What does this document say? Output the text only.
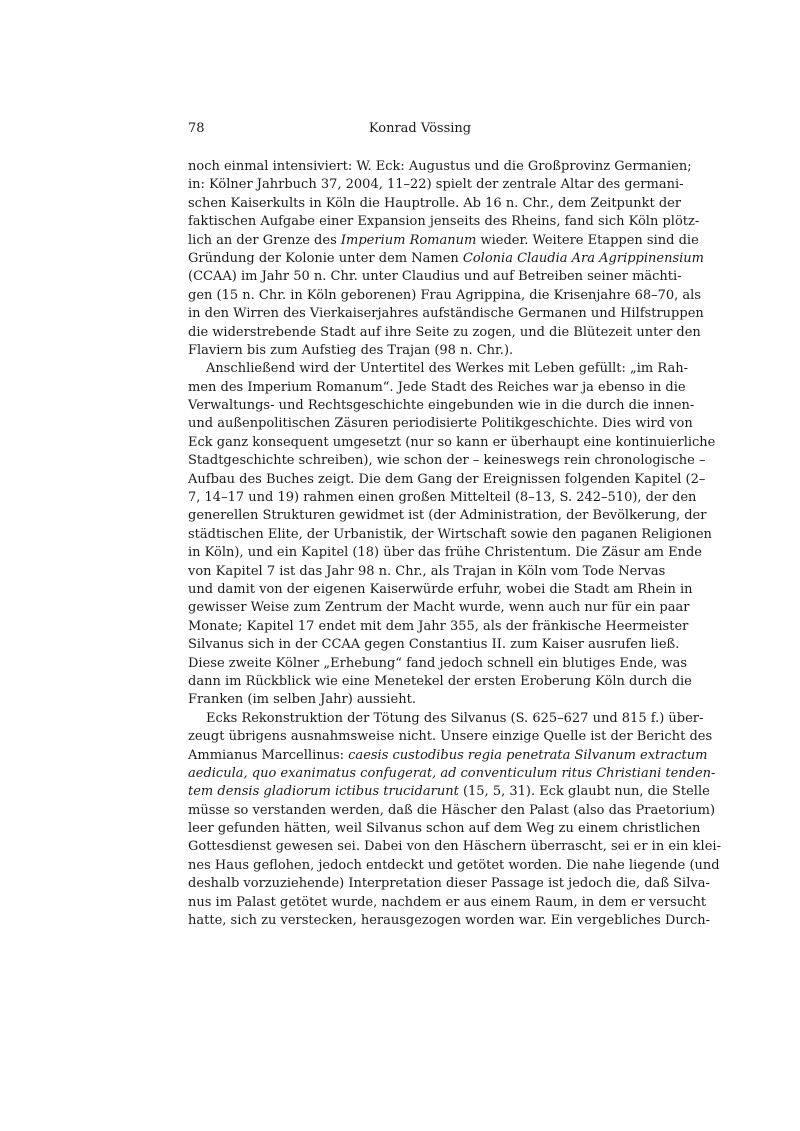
78	Konrad Vössing
noch einmal intensiviert: W. Eck: Augustus und die Großprovinz Germanien;
in: Kölner Jahrbuch 37, 2004, 11–22) spielt der zentrale Altar des germani-
schen Kaiserkults in Köln die Hauptrolle. Ab 16 n. Chr., dem Zeitpunkt der
faktischen Aufgabe einer Expansion jenseits des Rheins, fand sich Köln plötz-
lich an der Grenze des Imperium Romanum wieder. Weitere Etappen sind die
Gründung der Kolonie unter dem Namen Colonia Claudia Ara Agrippinensium
(CCAA) im Jahr 50 n. Chr. unter Claudius und auf Betreiben seiner mächti-
gen (15 n. Chr. in Köln geborenen) Frau Agrippina, die Krisenjahre 68–70, als
in den Wirren des Vierkaiserjahres aufständische Germanen und Hilfstruppen
die widerstrebende Stadt auf ihre Seite zu zogen, und die Blütezeit unter den
Flaviern bis zum Aufstieg des Trajan (98 n. Chr.).
Anschließend wird der Untertitel des Werkes mit Leben gefüllt: „im Rah-
men des Imperium Romanum“. Jede Stadt des Reiches war ja ebenso in die
Verwaltungs- und Rechtsgeschichte eingebunden wie in die durch die innen-
und außenpolitischen Zäsuren periodisierte Politikgeschichte. Dies wird von
Eck ganz konsequent umgesetzt (nur so kann er überhaupt eine kontinuierliche
Stadtgeschichte schreiben), wie schon der – keineswegs rein chronologische –
Aufbau des Buches zeigt. Die dem Gang der Ereignissen folgenden Kapitel (2–
7, 14–17 und 19) rahmen einen großen Mittelteil (8–13, S. 242–510), der den
generellen Strukturen gewidmet ist (der Administration, der Bevölkerung, der
städtischen Elite, der Urbanistik, der Wirtschaft sowie den paganen Religionen
in Köln), und ein Kapitel (18) über das frühe Christentum. Die Zäsur am Ende
von Kapitel 7 ist das Jahr 98 n. Chr., als Trajan in Köln vom Tode Nervas
und damit von der eigenen Kaiserwürde erfuhr, wobei die Stadt am Rhein in
gewisser Weise zum Zentrum der Macht wurde, wenn auch nur für ein paar
Monate; Kapitel 17 endet mit dem Jahr 355, als der fränkische Heermeister
Silvanus sich in der CCAA gegen Constantius II. zum Kaiser ausrufen ließ.
Diese zweite Kölner „Erhebung“ fand jedoch schnell ein blutiges Ende, was
dann im Rückblick wie eine Menetekel der ersten Eroberung Köln durch die
Franken (im selben Jahr) aussieht.
Ecks Rekonstruktion der Tötung des Silvanus (S. 625–627 und 815 f.) über-
zeugt übrigens ausnahmsweise nicht. Unsere einzige Quelle ist der Bericht des
Ammianus Marcellinus: caesis custodibus regia penetrata Silvanum extractum
aedicula, quo exanimatus confugerat, ad conventiculum ritus Christiani tenden-
tem densis gladiorum ictibus trucidarunt (15, 5, 31). Eck glaubt nun, die Stelle
müsse so verstanden werden, daß die Häscher den Palast (also das Praetorium)
leer gefunden hätten, weil Silvanus schon auf dem Weg zu einem christlichen
Gottesdienst gewesen sei. Dabei von den Häschern überrascht, sei er in ein klei-
nes Haus geflohen, jedoch entdeckt und getötet worden. Die nahe liegende (und
deshalb vorzuziehende) Interpretation dieser Passage ist jedoch die, daß Silva-
nus im Palast getötet wurde, nachdem er aus einem Raum, in dem er versucht
hatte, sich zu verstecken, herausgezogen worden war. Ein vergebliches Durch-
